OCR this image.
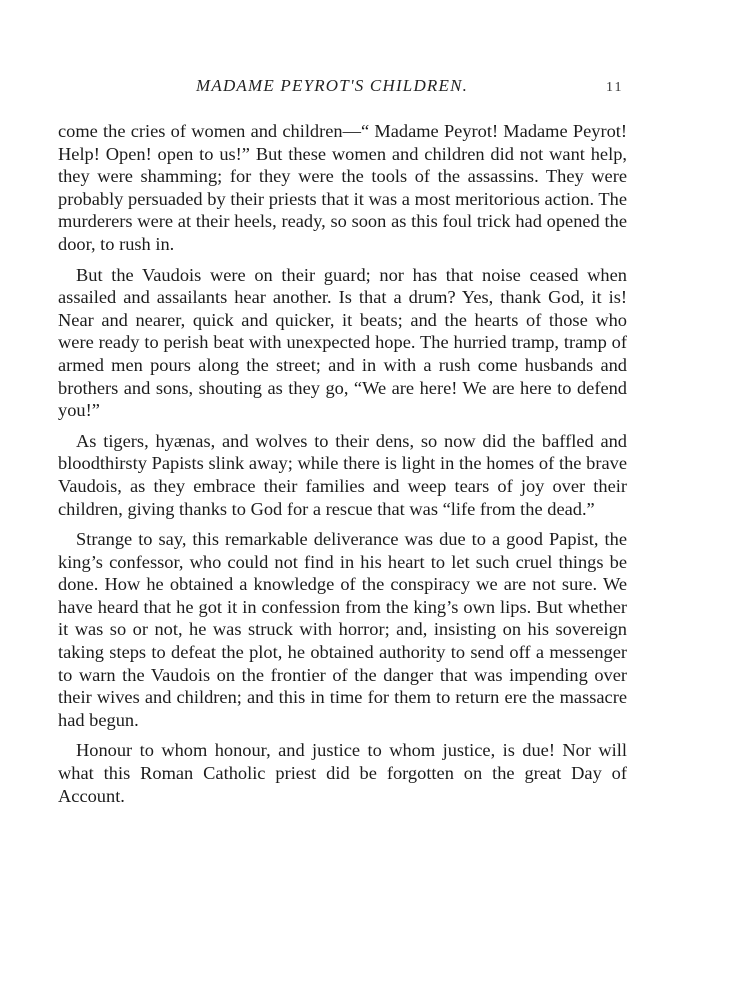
MADAME PEYROT'S CHILDREN.	11

come the cries of women and children—“ Madame Peyrot! Madame Peyrot! Help! Open! open to us!” But these women and children did not want help, they were shamming; for they were the tools of the assassins. They were probably persuaded by their priests that it was a most meritorious action. The murderers were at their heels, ready, so soon as this foul trick had opened the door, to rush in.

But the Vaudois were on their guard; nor has that noise ceased when assailed and assailants hear another. Is that a drum? Yes, thank God, it is! Near and nearer, quick and quicker, it beats; and the hearts of those who were ready to perish beat with unexpected hope. The hurried tramp, tramp of armed men pours along the street; and in with a rush come husbands and brothers and sons, shouting as they go, “We are here! We are here to defend you!”

As tigers, hyænas, and wolves to their dens, so now did the baffled and bloodthirsty Papists slink away; while there is light in the homes of the brave Vaudois, as they embrace their families and weep tears of joy over their children, giving thanks to God for a rescue that was “life from the dead.”

Strange to say, this remarkable deliverance was due to a good Papist, the king’s confessor, who could not find in his heart to let such cruel things be done. How he obtained a knowledge of the conspiracy we are not sure. We have heard that he got it in confession from the king’s own lips. But whether it was so or not, he was struck with horror; and, insisting on his sovereign taking steps to defeat the plot, he obtained authority to send off a messenger to warn the Vaudois on the frontier of the danger that was impending over their wives and children; and this in time for them to return ere the massacre had begun.

Honour to whom honour, and justice to whom justice, is due! Nor will what this Roman Catholic priest did be forgotten on the great Day of Account.
